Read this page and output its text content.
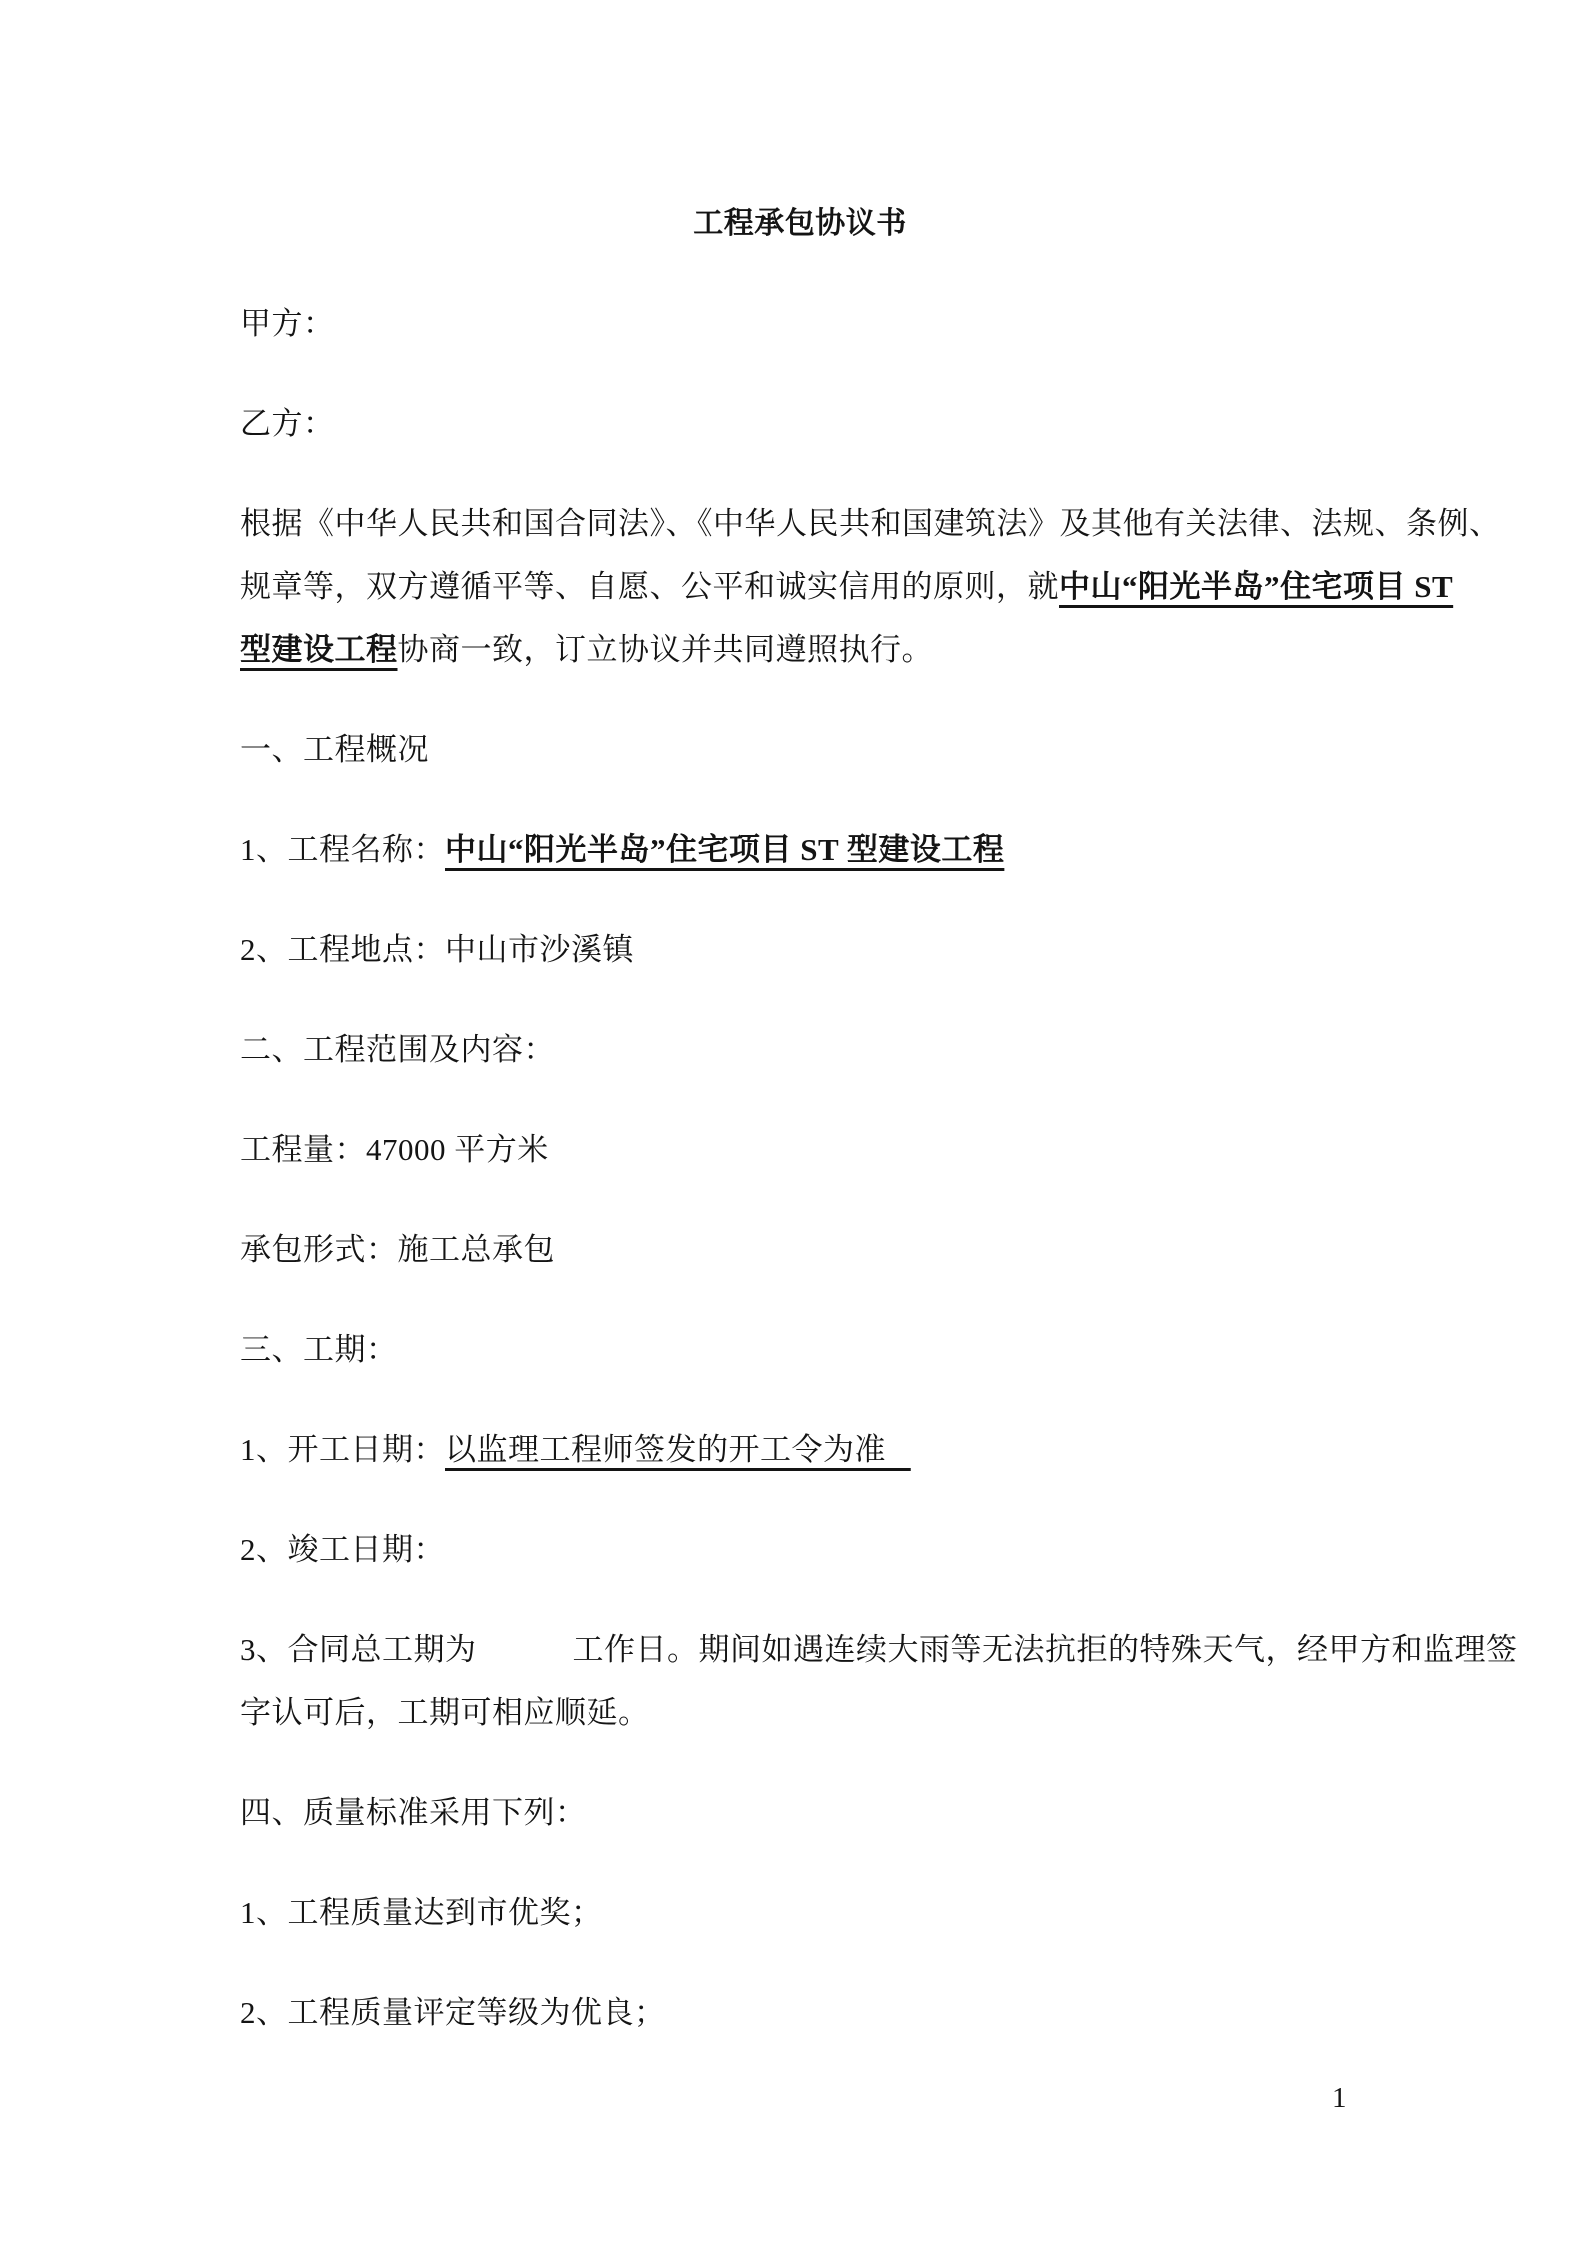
工程承包协议书
甲方：
乙方：
根据《中华人民共和国合同法》、《中华人民共和国建筑法》及其他有关法律、法规、条例、
规章等，双方遵循平等、自愿、公平和诚实信用的原则，就中山“阳光半岛”住宅项目 ST
型建设工程协商一致，订立协议并共同遵照执行。
一、工程概况
1、工程名称：中山“阳光半岛”住宅项目 ST 型建设工程
2、工程地点：中山市沙溪镇
二、工程范围及内容：
工程量：47000 平方米
承包形式：施工总承包
三、工期：
1、开工日期：以监理工程师签发的开工令为准
2、竣工日期：
3、合同总工期为	工作日。期间如遇连续大雨等无法抗拒的特殊天气，经甲方和监理签
字认可后，工期可相应顺延。
四、质量标准采用下列：
1、工程质量达到市优奖；
2、工程质量评定等级为优良；
1
